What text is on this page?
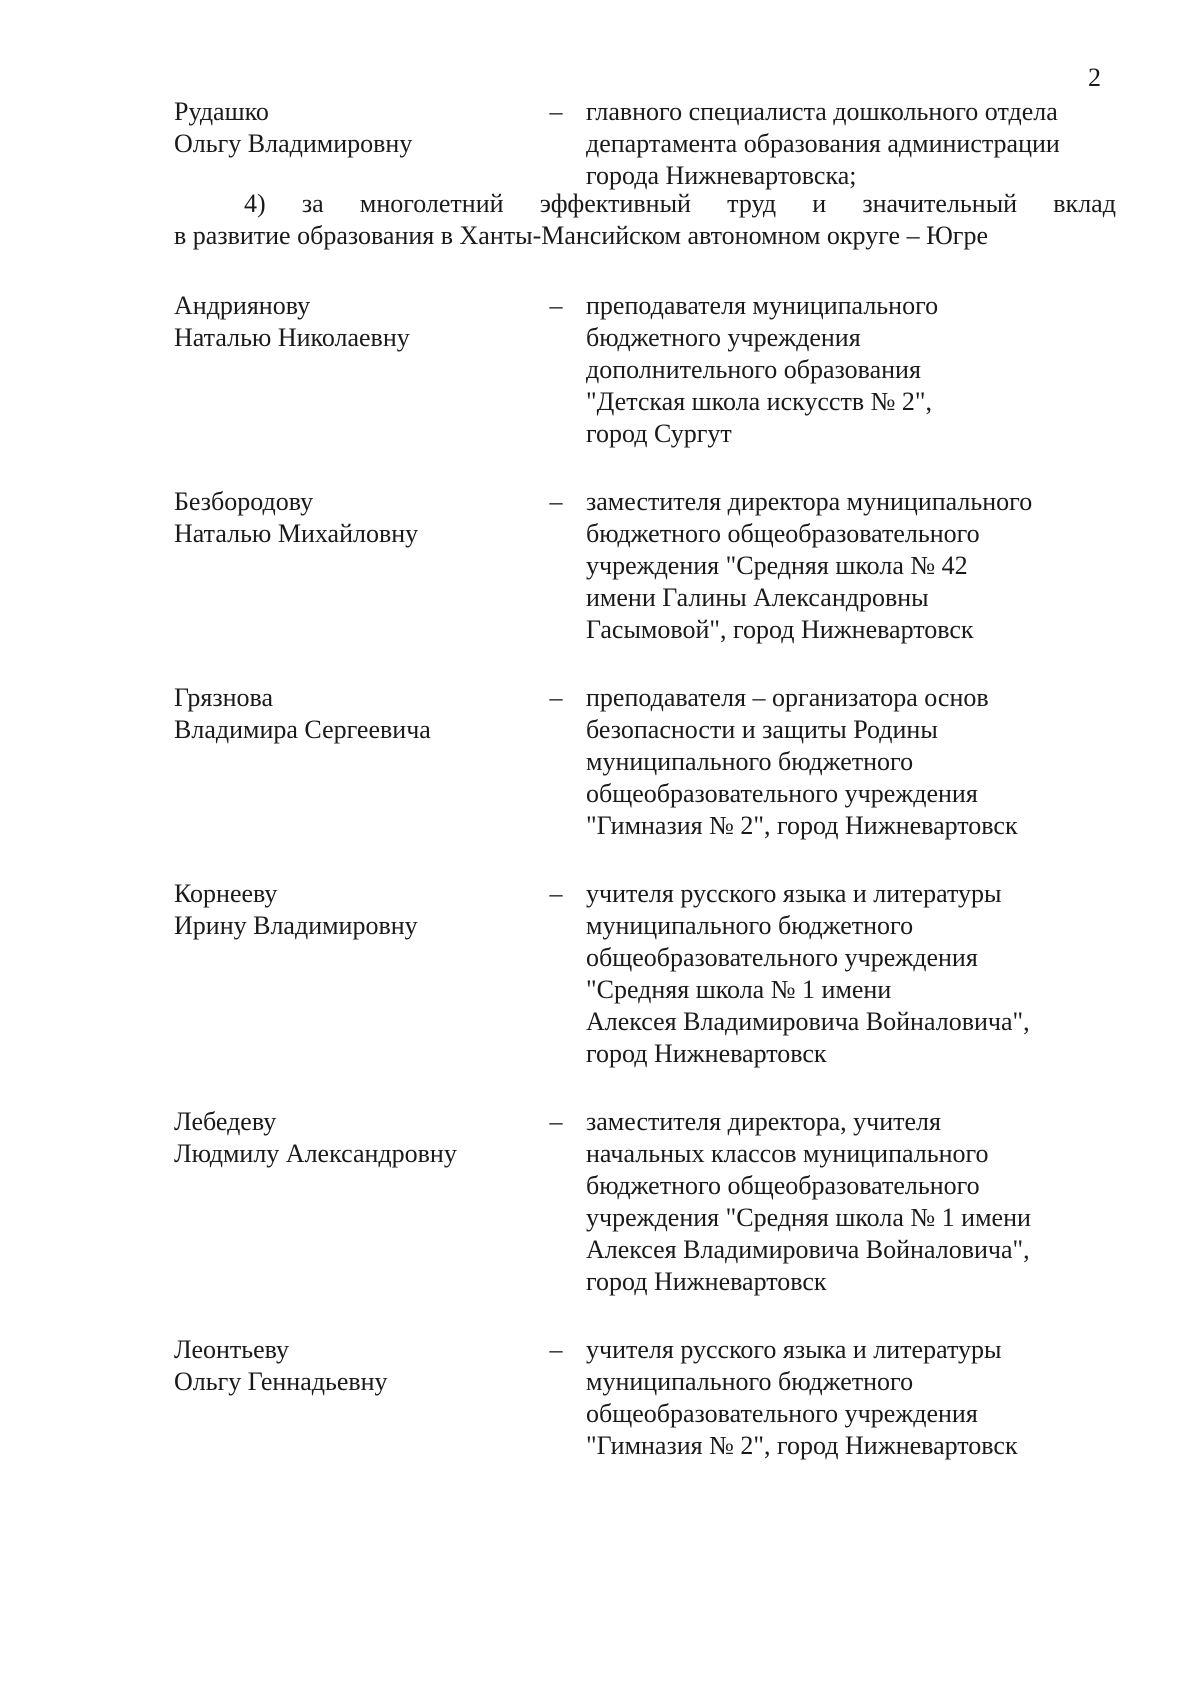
2
Рудашко
Ольгу Владимировну
– главного специалиста дошкольного отдела
департамента образования администрации
города Нижневартовска;
4) за многолетний эффективный труд и значительный вклад
в развитие образования в Ханты-Мансийском автономном округе – Югре
Андриянову
Наталью Николаевну
– преподавателя муниципального
бюджетного учреждения
дополнительного образования
"Детская школа искусств № 2",
город Сургут
Безбородову
Наталью Михайловну
– заместителя директора муниципального
бюджетного общеобразовательного
учреждения "Средняя школа № 42
имени Галины Александровны
Гасымовой", город Нижневартовск
Грязнова
Владимира Сергеевича
– преподавателя – организатора основ
безопасности и защиты Родины
муниципального бюджетного
общеобразовательного учреждения
"Гимназия № 2", город Нижневартовск
Корнееву
Ирину Владимировну
– учителя русского языка и литературы
муниципального бюджетного
общеобразовательного учреждения
"Средняя школа № 1 имени
Алексея Владимировича Войналовича",
город Нижневартовск
Лебедеву
Людмилу Александровну
– заместителя директора, учителя
начальных классов муниципального
бюджетного общеобразовательного
учреждения "Средняя школа № 1 имени
Алексея Владимировича Войналовича",
город Нижневартовск
Леонтьеву
Ольгу Геннадьевну
– учителя русского языка и литературы
муниципального бюджетного
общеобразовательного учреждения
"Гимназия № 2", город Нижневартовск
